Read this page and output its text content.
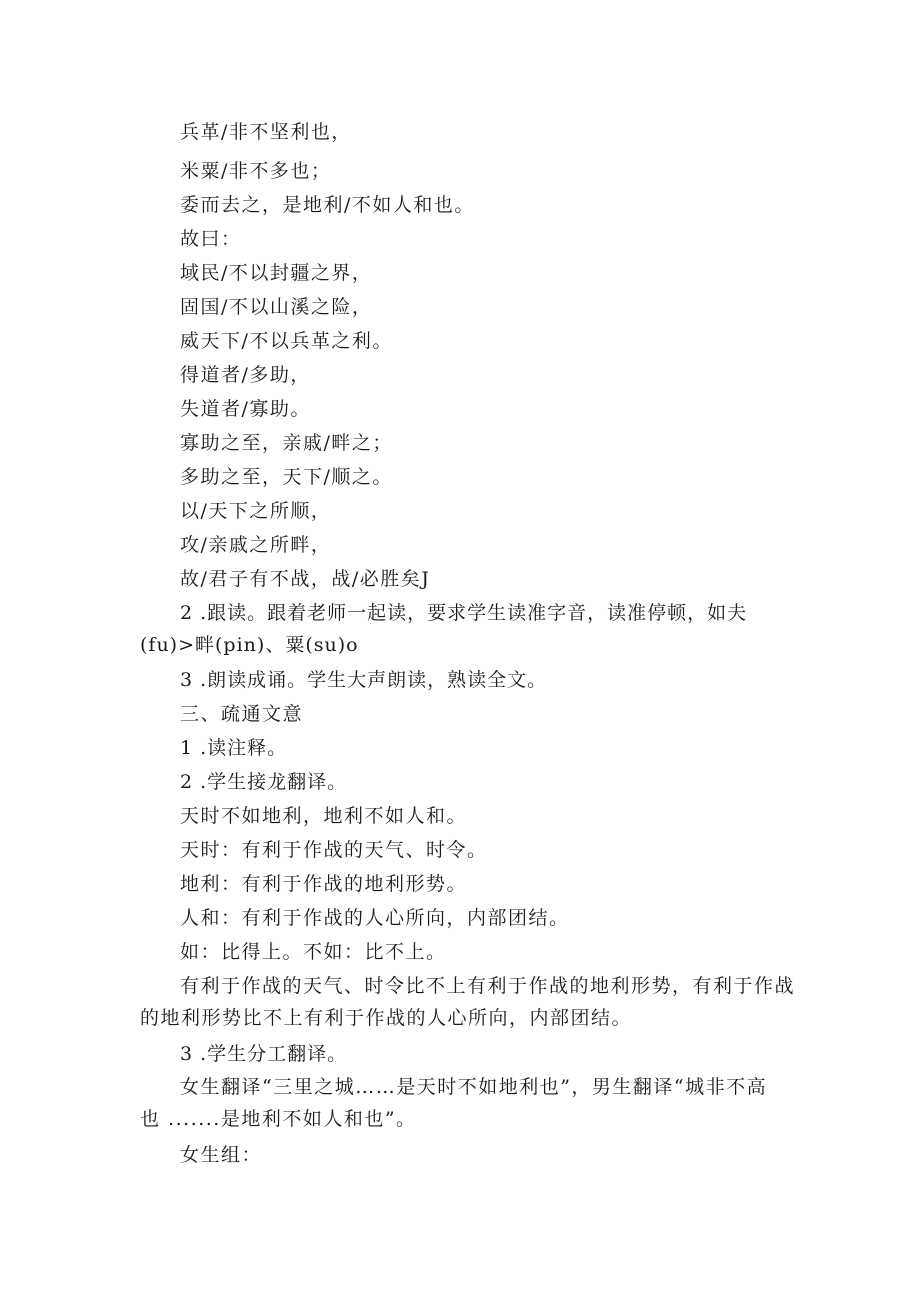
兵革/非不坚利也，
米粟/非不多也；
委而去之，是地利/不如人和也。
故曰：
域民/不以封疆之界，
固国/不以山溪之险，
威天下/不以兵革之利。
得道者/多助，
失道者/寡助。
寡助之至，亲戚/畔之；
多助之至，天下/顺之。
以/天下之所顺，
攻/亲戚之所畔，
故/君子有不战，战/必胜矣J
2 .跟读。跟着老师一起读，要求学生读准字音，读准停顿，如夫
(fu)>畔(pin)、粟(su)o
3 .朗读成诵。学生大声朗读，熟读全文。
三、疏通文意
1 .读注释。
2 .学生接龙翻译。
天时不如地利，地利不如人和。
天时：有利于作战的天气、时令。
地利：有利于作战的地利形势。
人和：有利于作战的人心所向，内部团结。
如：比得上。不如：比不上。
有利于作战的天气、时令比不上有利于作战的地利形势，有利于作战
的地利形势比不上有利于作战的人心所向，内部团结。
3 .学生分工翻译。
女生翻译“三里之城……是天时不如地利也”，男生翻译“城非不高
也 .......是地利不如人和也”。
女生组：
